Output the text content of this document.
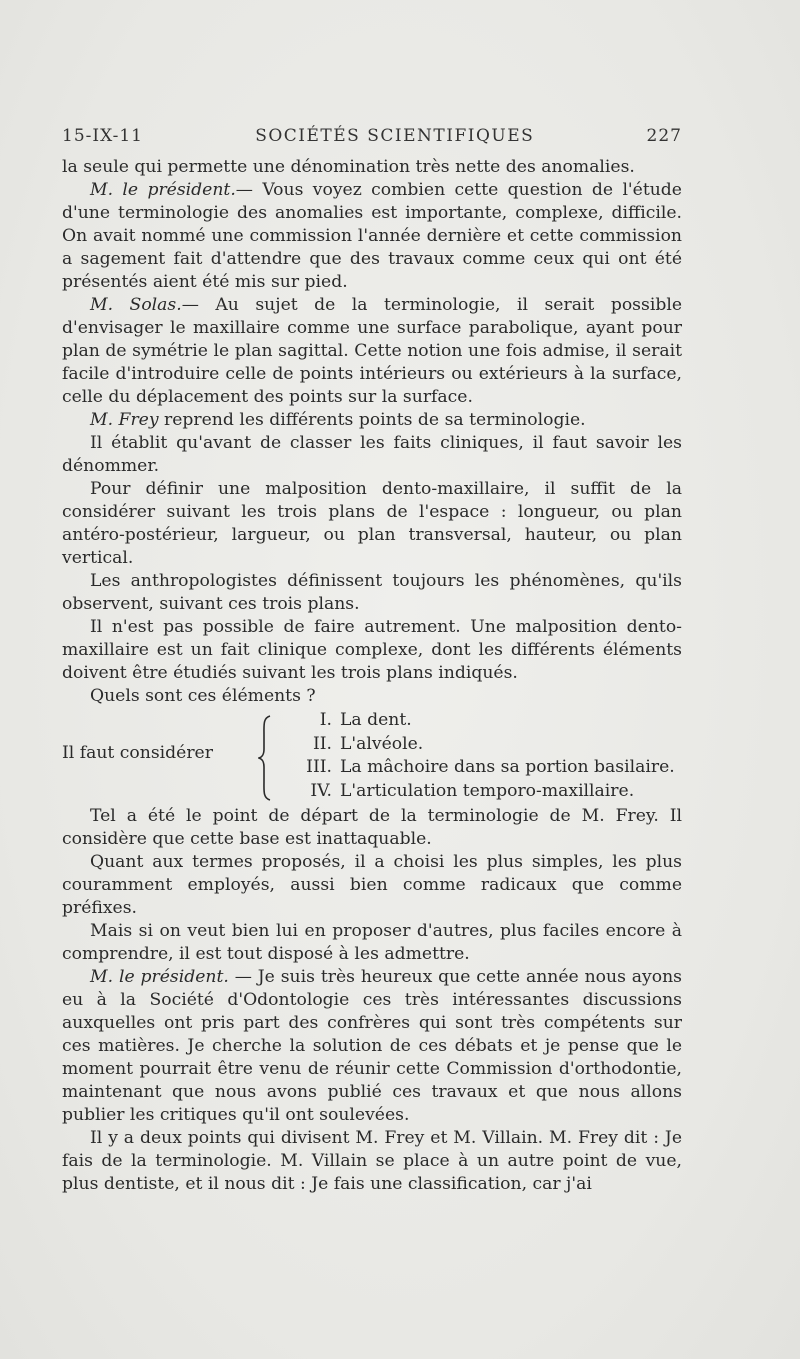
15-IX-11	SOCIÉTÉS SCIENTIFIQUES	227

la seule qui permette une dénomination très nette des anomalies.

M. le président.— Vous voyez combien cette question de l'étude d'une terminologie des anomalies est importante, complexe, difficile. On avait nommé une commission l'année dernière et cette commission a sagement fait d'attendre que des travaux comme ceux qui ont été présentés aient été mis sur pied.

M. Solas.— Au sujet de la terminologie, il serait possible d'envisager le maxillaire comme une surface parabolique, ayant pour plan de symétrie le plan sagittal. Cette notion une fois admise, il serait facile d'introduire celle de points intérieurs ou extérieurs à la surface, celle du déplacement des points sur la surface.

M. Frey reprend les différents points de sa terminologie.

Il établit qu'avant de classer les faits cliniques, il faut savoir les dénommer.

Pour définir une malposition dento-maxillaire, il suffit de la considérer suivant les trois plans de l'espace : longueur, ou plan antéro-postérieur, largueur, ou plan transversal, hauteur, ou plan vertical.

Les anthropologistes définissent toujours les phénomènes, qu'ils observent, suivant ces trois plans.

Il n'est pas possible de faire autrement. Une malposition dento-maxillaire est un fait clinique complexe, dont les différents éléments doivent être étudiés suivant les trois plans indiqués.

Quels sont ces éléments ?

Il faut considérer
I. La dent.
II. L'alvéole.
III. La mâchoire dans sa portion basilaire.
IV. L'articulation temporo-maxillaire.

Tel a été le point de départ de la terminologie de M. Frey. Il considère que cette base est inattaquable.

Quant aux termes proposés, il a choisi les plus simples, les plus couramment employés, aussi bien comme radicaux que comme préfixes.

Mais si on veut bien lui en proposer d'autres, plus faciles encore à comprendre, il est tout disposé à les admettre.

M. le président. — Je suis très heureux que cette année nous ayons eu à la Société d'Odontologie ces très intéressantes discussions auxquelles ont pris part des confrères qui sont très compétents sur ces matières. Je cherche la solution de ces débats et je pense que le moment pourrait être venu de réunir cette Commission d'orthodontie, maintenant que nous avons publié ces travaux et que nous allons publier les critiques qu'il ont soulevées.

Il y a deux points qui divisent M. Frey et M. Villain. M. Frey dit : Je fais de la terminologie. M. Villain se place à un autre point de vue, plus dentiste, et il nous dit : Je fais une classification, car j'ai
